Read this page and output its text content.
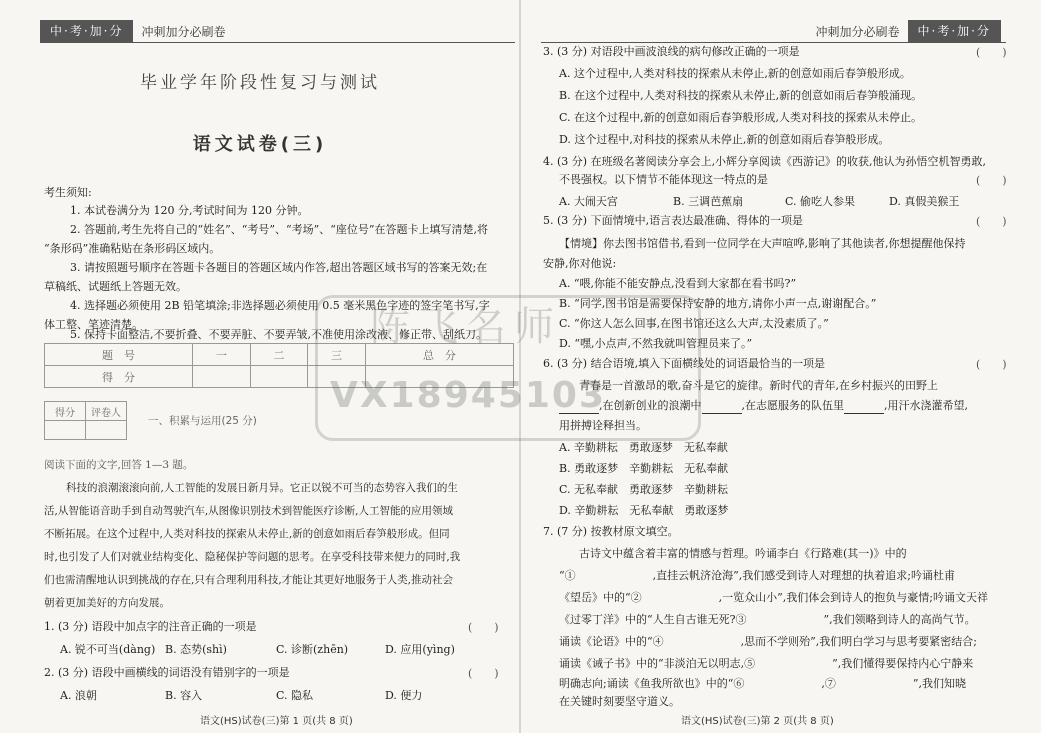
中·考·加·分	冲刺加分必刷卷
毕业学年阶段性复习与测试
语文试卷(三)
考生须知:
1. 本试卷满分为 120 分,考试时间为 120 分钟。
2. 答题前,考生先将自己的“姓名”、“考号”、“考场”、“座位号”在答题卡上填写清楚,将
“条形码”准确粘贴在条形码区域内。
3. 请按照题号顺序在答题卡各题目的答题区域内作答,超出答题区域书写的答案无效;在
草稿纸、试题纸上答题无效。
4. 选择题必须使用 2B 铅笔填涂;非选择题必须使用 0.5 毫米黑色字迹的签字笔书写,字
体工整、笔迹清楚。
题　号	一	二	三	总　分
得　分				
得分	评卷人

一、积累与运用(25 分)
阅读下面的文字,回答 1—3 题。
科技的浪潮滚滚向前,人工智能的发展日新月异。它正以锐不可当的态势容入我们的生
活,从智能语音助手到自动驾驶汽车,从图像识别技术到智能医疗诊断,人工智能的应用领域
不断拓展。在这个过程中,人类对科技的探索从未停止,新的创意如雨后春笋般形成。但同
时,也引发了人们对就业结构变化、隐秘保护等问题的思考。在享受科技带来便力的同时,我
们也需清醒地认识到挑战的存在,只有合理利用科技,才能让其更好地服务于人类,推动社会
朝着更加美好的方向发展。
1. (3 分) 语段中加点字的注音正确的一项是	(　　)
A. 锐不可当(dàng) B. 态势(shì)	C. 诊断(zhēn)	D. 应用(yìng)
2. (3 分) 语段中画横线的词语没有错别字的一项是	(　　)
A. 浪朝	B. 容入	C. 隐私	D. 便力
语文(HS)试卷(三)第 1 页(共 8 页)
5. 保持卡面整洁,不要折叠、不要弄脏、不要弄皱,不准使用涂改液、修正带、刮纸刀。
冲刺加分必刷卷	中·考·加·分
3. (3 分) 对语段中画波浪线的病句修改正确的一项是	(　　)
A. 这个过程中,人类对科技的探索从未停止,新的创意如雨后春笋般形成。
B. 在这个过程中,人类对科技的探索从未停止,新的创意如雨后春笋般涌现。
C. 在这个过程中,新的创意如雨后春笋般形成,人类对科技的探索从未停止。
D. 这个过程中,对科技的探索从未停止,新的创意如雨后春笋般形成。
4. (3 分) 在班级名著阅读分享会上,小辉分享阅读《西游记》的收获,他认为孙悟空机智勇敢,
不畏强权。以下情节不能体现这一特点的是	(　　)
A. 大闹天宫	B. 三调芭蕉扇	C. 偷吃人参果	D. 真假美猴王
5. (3 分) 下面情境中,语言表达最准确、得体的一项是	(　　)
【情境】你去图书馆借书,看到一位同学在大声喧哗,影响了其他读者,你想提醒他保持
安静,你对他说:
A. “喂,你能不能安静点,没看到大家都在看书吗?”
B. “同学,图书馆是需要保持安静的地方,请你小声一点,谢谢配合。”
C. “你这人怎么回事,在图书馆还这么大声,太没素质了。”
D. “嘿,小点声,不然我就叫管理员来了。”
6. (3 分) 结合语境,填入下面横线处的词语最恰当的一项是	(　　)
青春是一首激昂的歌,奋斗是它的旋律。新时代的青年,在乡村振兴的田野上
,在创新创业的浪潮中	,在志愿服务的队伍里	,用汗水浇灌希望,
用拼搏诠释担当。
A. 辛勤耕耘　勇敢逐梦　无私奉献
B. 勇敢逐梦　辛勤耕耘　无私奉献
C. 无私奉献　勇敢逐梦　辛勤耕耘
D. 辛勤耕耘　无私奉献　勇敢逐梦
7. (7 分) 按教材原文填空。
古诗文中蕴含着丰富的情感与哲理。吟诵李白《行路难(其一)》中的
“①　　　　　　　,直挂云帆济沧海”,我们感受到诗人对理想的执着追求;吟诵杜甫
《望岳》中的“②　　　　　　　,一览众山小”,我们体会到诗人的抱负与豪情;吟诵文天祥
《过零丁洋》中的“人生自古谁无死?③　　　　　　　”,我们领略到诗人的高尚气节。
诵读《论语》中的“④　　　　　　　,思而不学则殆”,我们明白学习与思考要紧密结合;
诵读《诫子书》中的“非淡泊无以明志,⑤　　　　　　　”,我们懂得要保持内心宁静来
明确志向;诵读《鱼我所欲也》中的“⑥　　　　　　　,⑦　　　　　　　”,我们知晓
在关键时刻要坚守道义。
语文(HS)试卷(三)第 2 页(共 8 页)
陈飞名师
VX18945103
